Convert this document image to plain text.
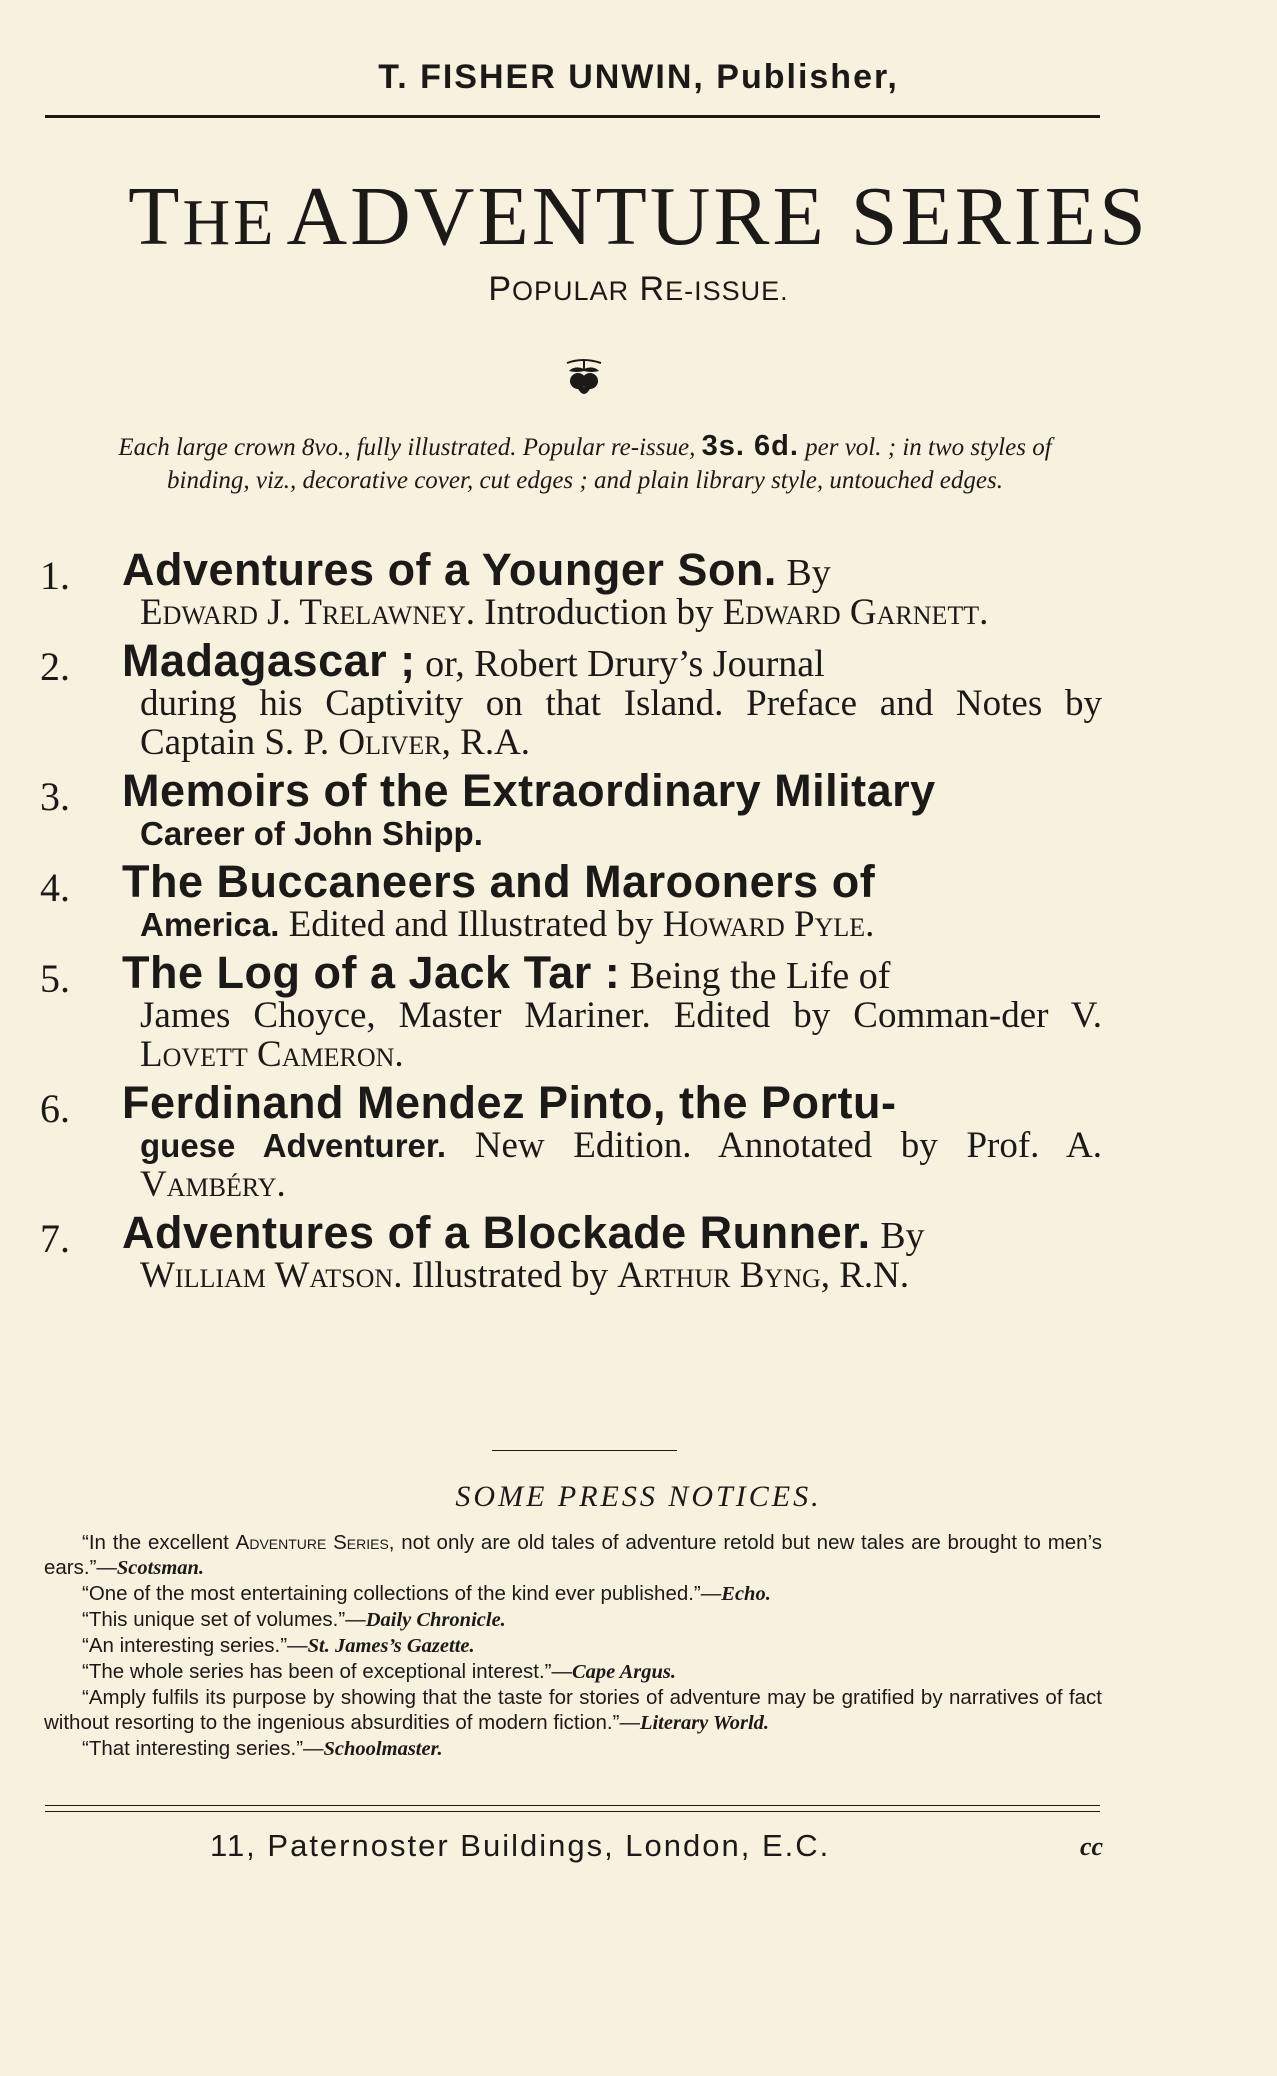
T. FISHER UNWIN, Publisher,
THE  ADVENTURE SERIES
POPULAR RE-ISSUE.
Each large crown 8vo., fully illustrated. Popular re-issue, 3s. 6d. per vol. ; in two styles of binding, viz., decorative cover, cut edges ; and plain library style, untouched edges.
1.	Adventures of a Younger Son. By
Edward J. Trelawney. Introduction by Edward Garnett.
2.	Madagascar ; or, Robert Drury’s Journal
during his Captivity on that Island. Preface and Notes by Captain S. P. Oliver, R.A.
3.	Memoirs of the Extraordinary Military
Career of John Shipp.
4.	The Buccaneers and Marooners of
America. Edited and Illustrated by Howard Pyle.
5.	The Log of a Jack Tar : Being the Life of
James Choyce, Master Mariner. Edited by Comman-der V. Lovett Cameron.
6.	Ferdinand Mendez Pinto, the Portu-
guese Adventurer. New Edition. Annotated by Prof. A. Vambéry.
7.	Adventures of a Blockade Runner. By
William Watson. Illustrated by Arthur Byng, R.N.
SOME PRESS NOTICES.

“In the excellent Adventure Series, not only are old tales of adventure retold but new tales are brought to men’s ears.”—Scotsman.

“One of the most entertaining collections of the kind ever published.”—Echo.

“This unique set of volumes.”—Daily Chronicle.

“An interesting series.”—St. James’s Gazette.

“The whole series has been of exceptional interest.”—Cape Argus.

“Amply fulfils its purpose by showing that the taste for stories of adventure may be gratified by narratives of fact without resorting to the ingenious absurdities of modern fiction.”—Literary World.

“That interesting series.”—Schoolmaster.

11, Paternoster Buildings, London, E.C.	cc
